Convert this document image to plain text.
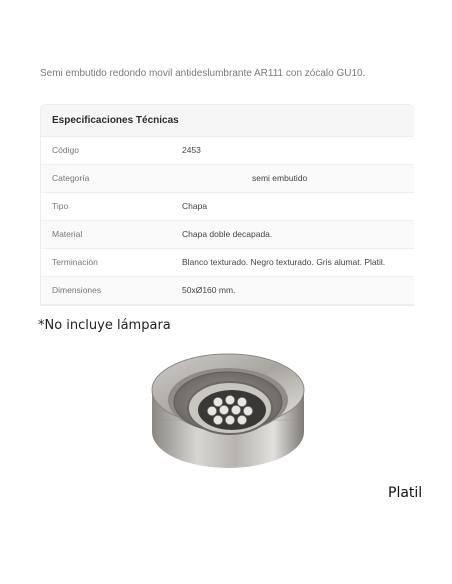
Semi embutido redondo movil antideslumbrante AR111 con zócalo GU10.
Especificaciones Técnicas
Código	2453
Categoría	semi embutido
Tipo	Chapa
Material	Chapa doble decapada.
Terminación	Blanco texturado. Negro texturado. Gris alumat. Platil.
Dimensiones	50xØ160 mm.
*No incluye lámpara
Platil
